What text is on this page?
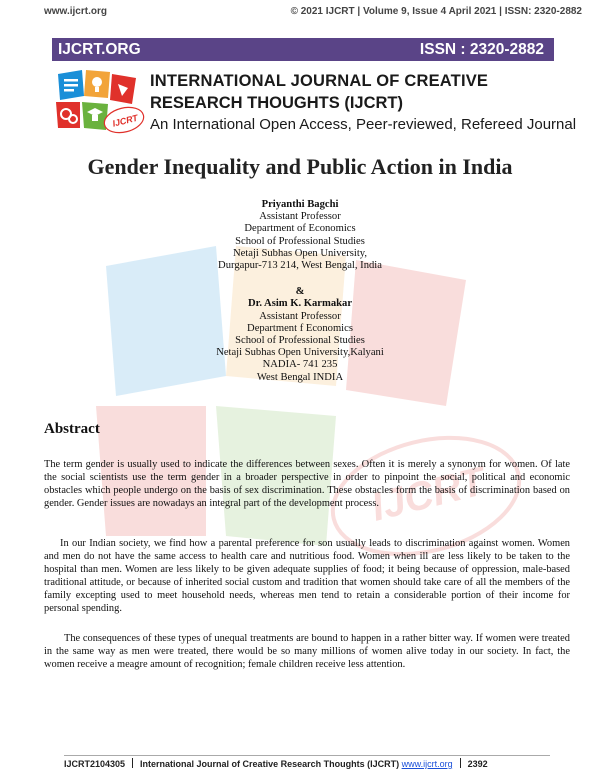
www.ijcrt.org	© 2021 IJCRT | Volume 9, Issue 4 April 2021 | ISSN: 2320-2882
IJCRT.ORG	ISSN : 2320-2882
IJCRT
INTERNATIONAL JOURNAL OF CREATIVE
RESEARCH THOUGHTS (IJCRT)
An International Open Access, Peer-reviewed, Refereed Journal
IJCRT
Gender Inequality and Public Action in India
Priyanthi Bagchi
Assistant Professor
Department of Economics
School of Professional Studies
Netaji Subhas Open University,
Durgapur-713 214, West Bengal, India
&
Dr. Asim K. Karmakar
Assistant Professor
Department f Economics
School of Professional Studies
Netaji Subhas Open University,Kalyani
NADIA- 741 235
West Bengal INDIA
Abstract
The term gender is usually used to indicate the differences between sexes. Often it is merely a synonym for women. Of late the social scientists use the term gender in a broader perspective in order to pinpoint the social, political and economic obstacles which people undergo on the basis of sex discrimination. These obstacles form the basis of discrimination based on gender. Gender issues are nowadays an integral part of the development process.
In our Indian society, we find how a parental preference for son usually leads to discrimination against women. Women and men do not have the same access to health care and nutritious food. Women when ill are less likely to be taken to the hospital than men. Women are less likely to be given adequate supplies of food; it being because of oppression, male-based traditional attitude, or because of inherited social custom and tradition that women should take care of all the members of the family excepting used to meet household needs, whereas men tend to retain a considerable portion of their income for personal spending.
The consequences of these types of unequal treatments are bound to happen in a rather bitter way. If women were treated in the same way as men were treated, there would be so many millions of women alive today in our society. In fact, the women receive a meagre amount of recognition; female children receive less attention.
IJCRT2104305 International Journal of Creative Research Thoughts (IJCRT) www.ijcrt.org 2392
